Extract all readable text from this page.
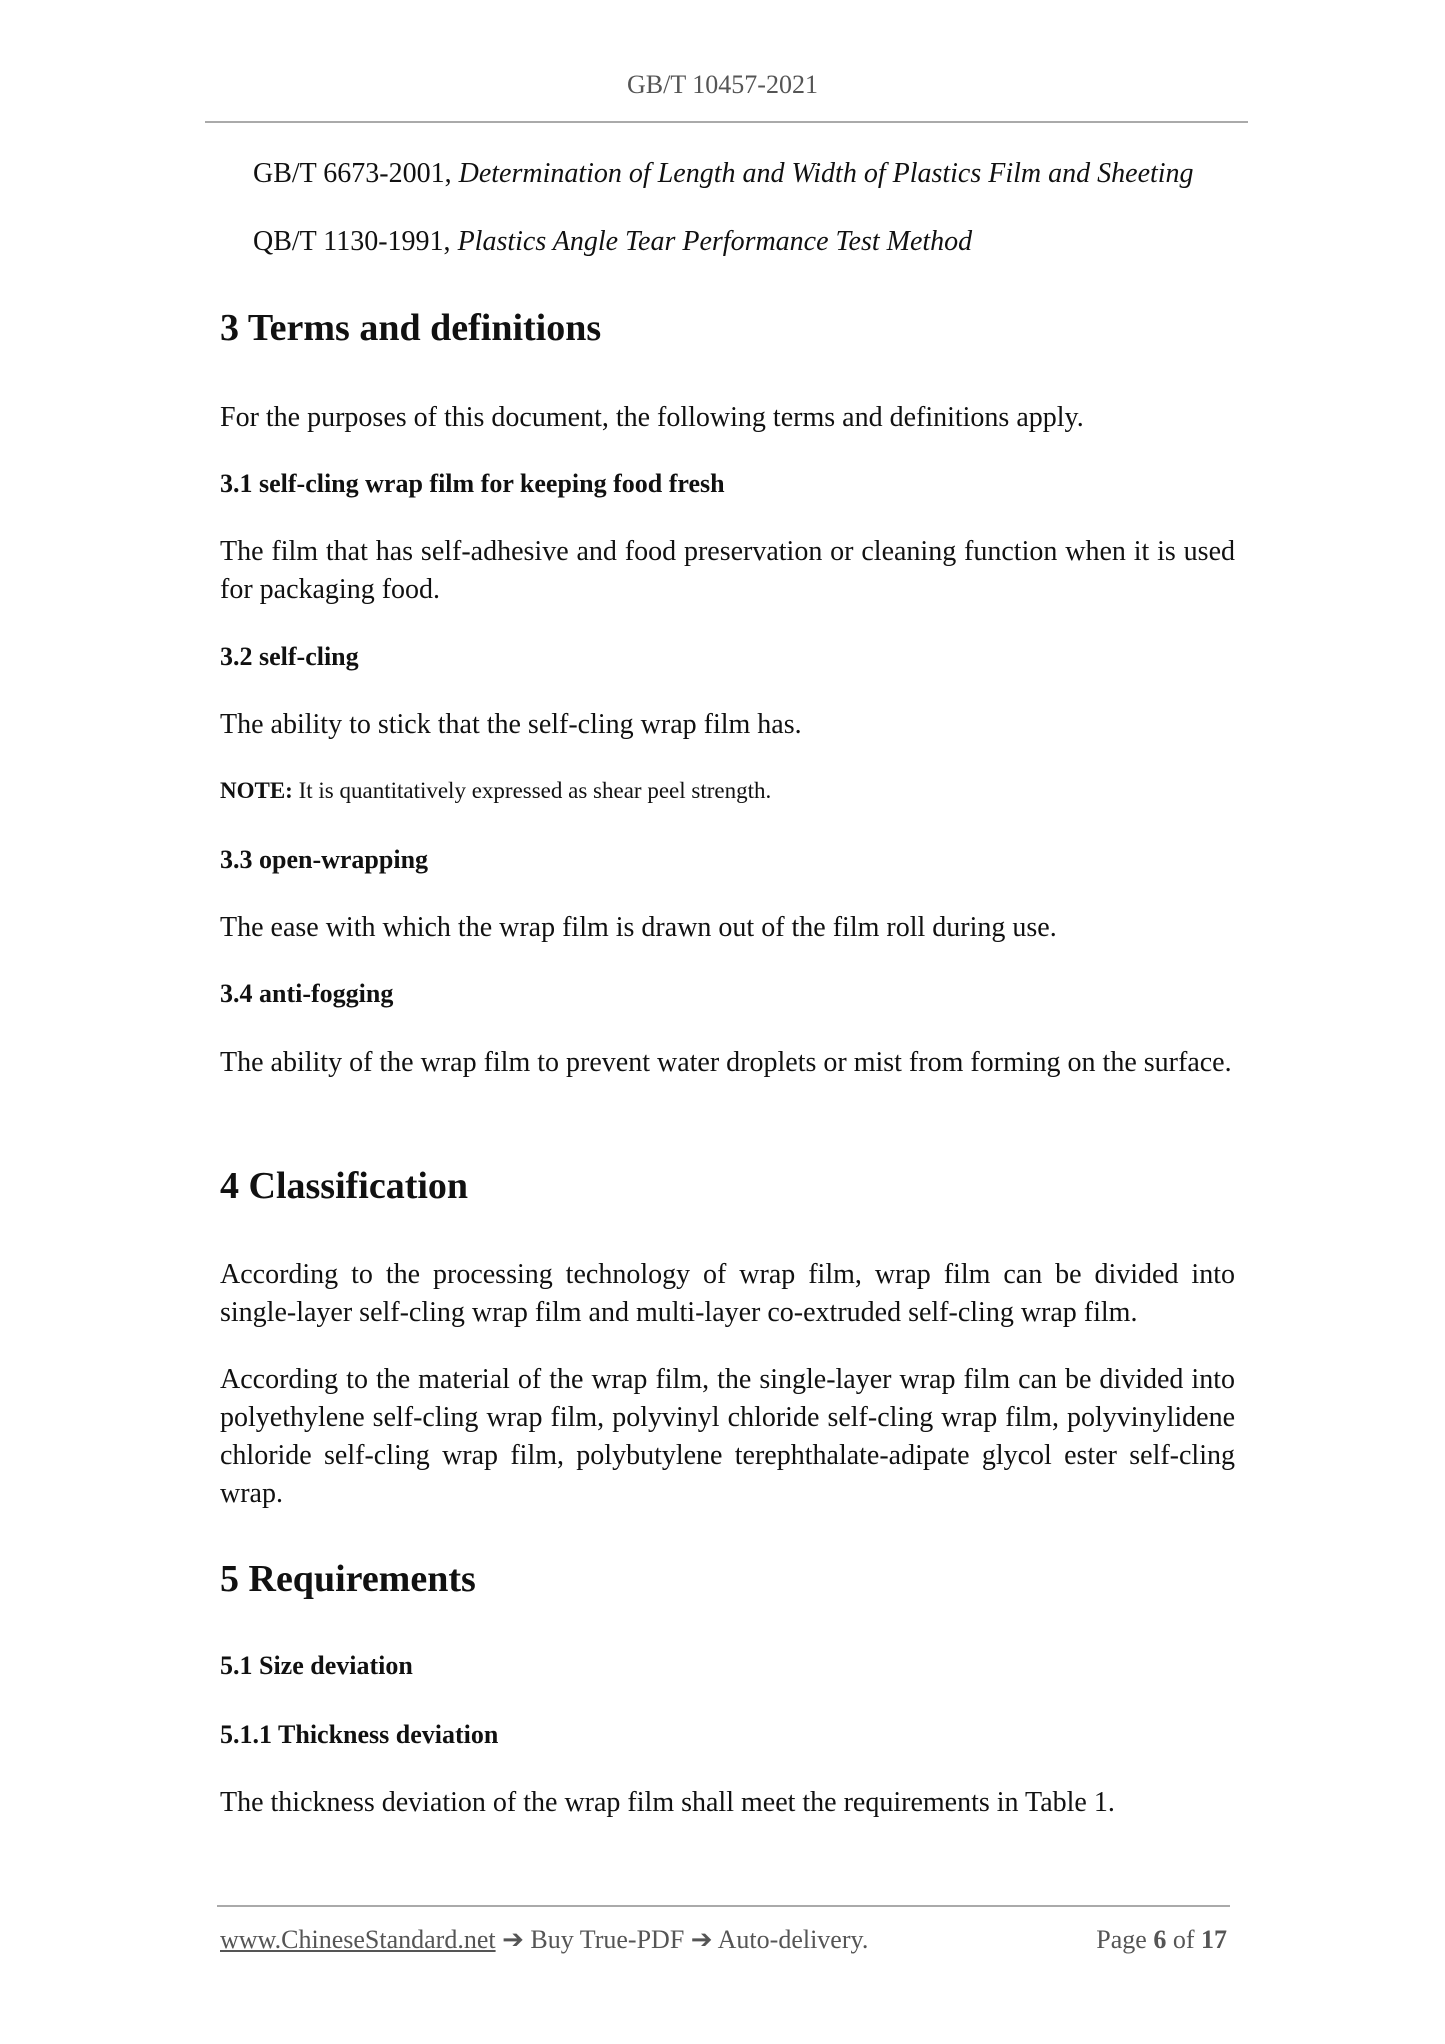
GB/T 10457-2021
GB/T 6673-2001, Determination of Length and Width of Plastics Film and Sheeting
QB/T 1130-1991, Plastics Angle Tear Performance Test Method
3 Terms and definitions
For the purposes of this document, the following terms and definitions apply.
3.1 self-cling wrap film for keeping food fresh
The film that has self-adhesive and food preservation or cleaning function when it is used for packaging food.
3.2 self-cling
The ability to stick that the self-cling wrap film has.
NOTE: It is quantitatively expressed as shear peel strength.
3.3 open-wrapping
The ease with which the wrap film is drawn out of the film roll during use.
3.4 anti-fogging
The ability of the wrap film to prevent water droplets or mist from forming on the surface.
4 Classification
According to the processing technology of wrap film, wrap film can be divided into single-layer self-cling wrap film and multi-layer co-extruded self-cling wrap film.
According to the material of the wrap film, the single-layer wrap film can be divided into polyethylene self-cling wrap film, polyvinyl chloride self-cling wrap film, polyvinylidene chloride self-cling wrap film, polybutylene terephthalate-adipate glycol ester self-cling wrap.
5 Requirements
5.1 Size deviation
5.1.1 Thickness deviation
The thickness deviation of the wrap film shall meet the requirements in Table 1.
www.ChineseStandard.net ➔ Buy True-PDF ➔ Auto-delivery.	Page 6 of 17
